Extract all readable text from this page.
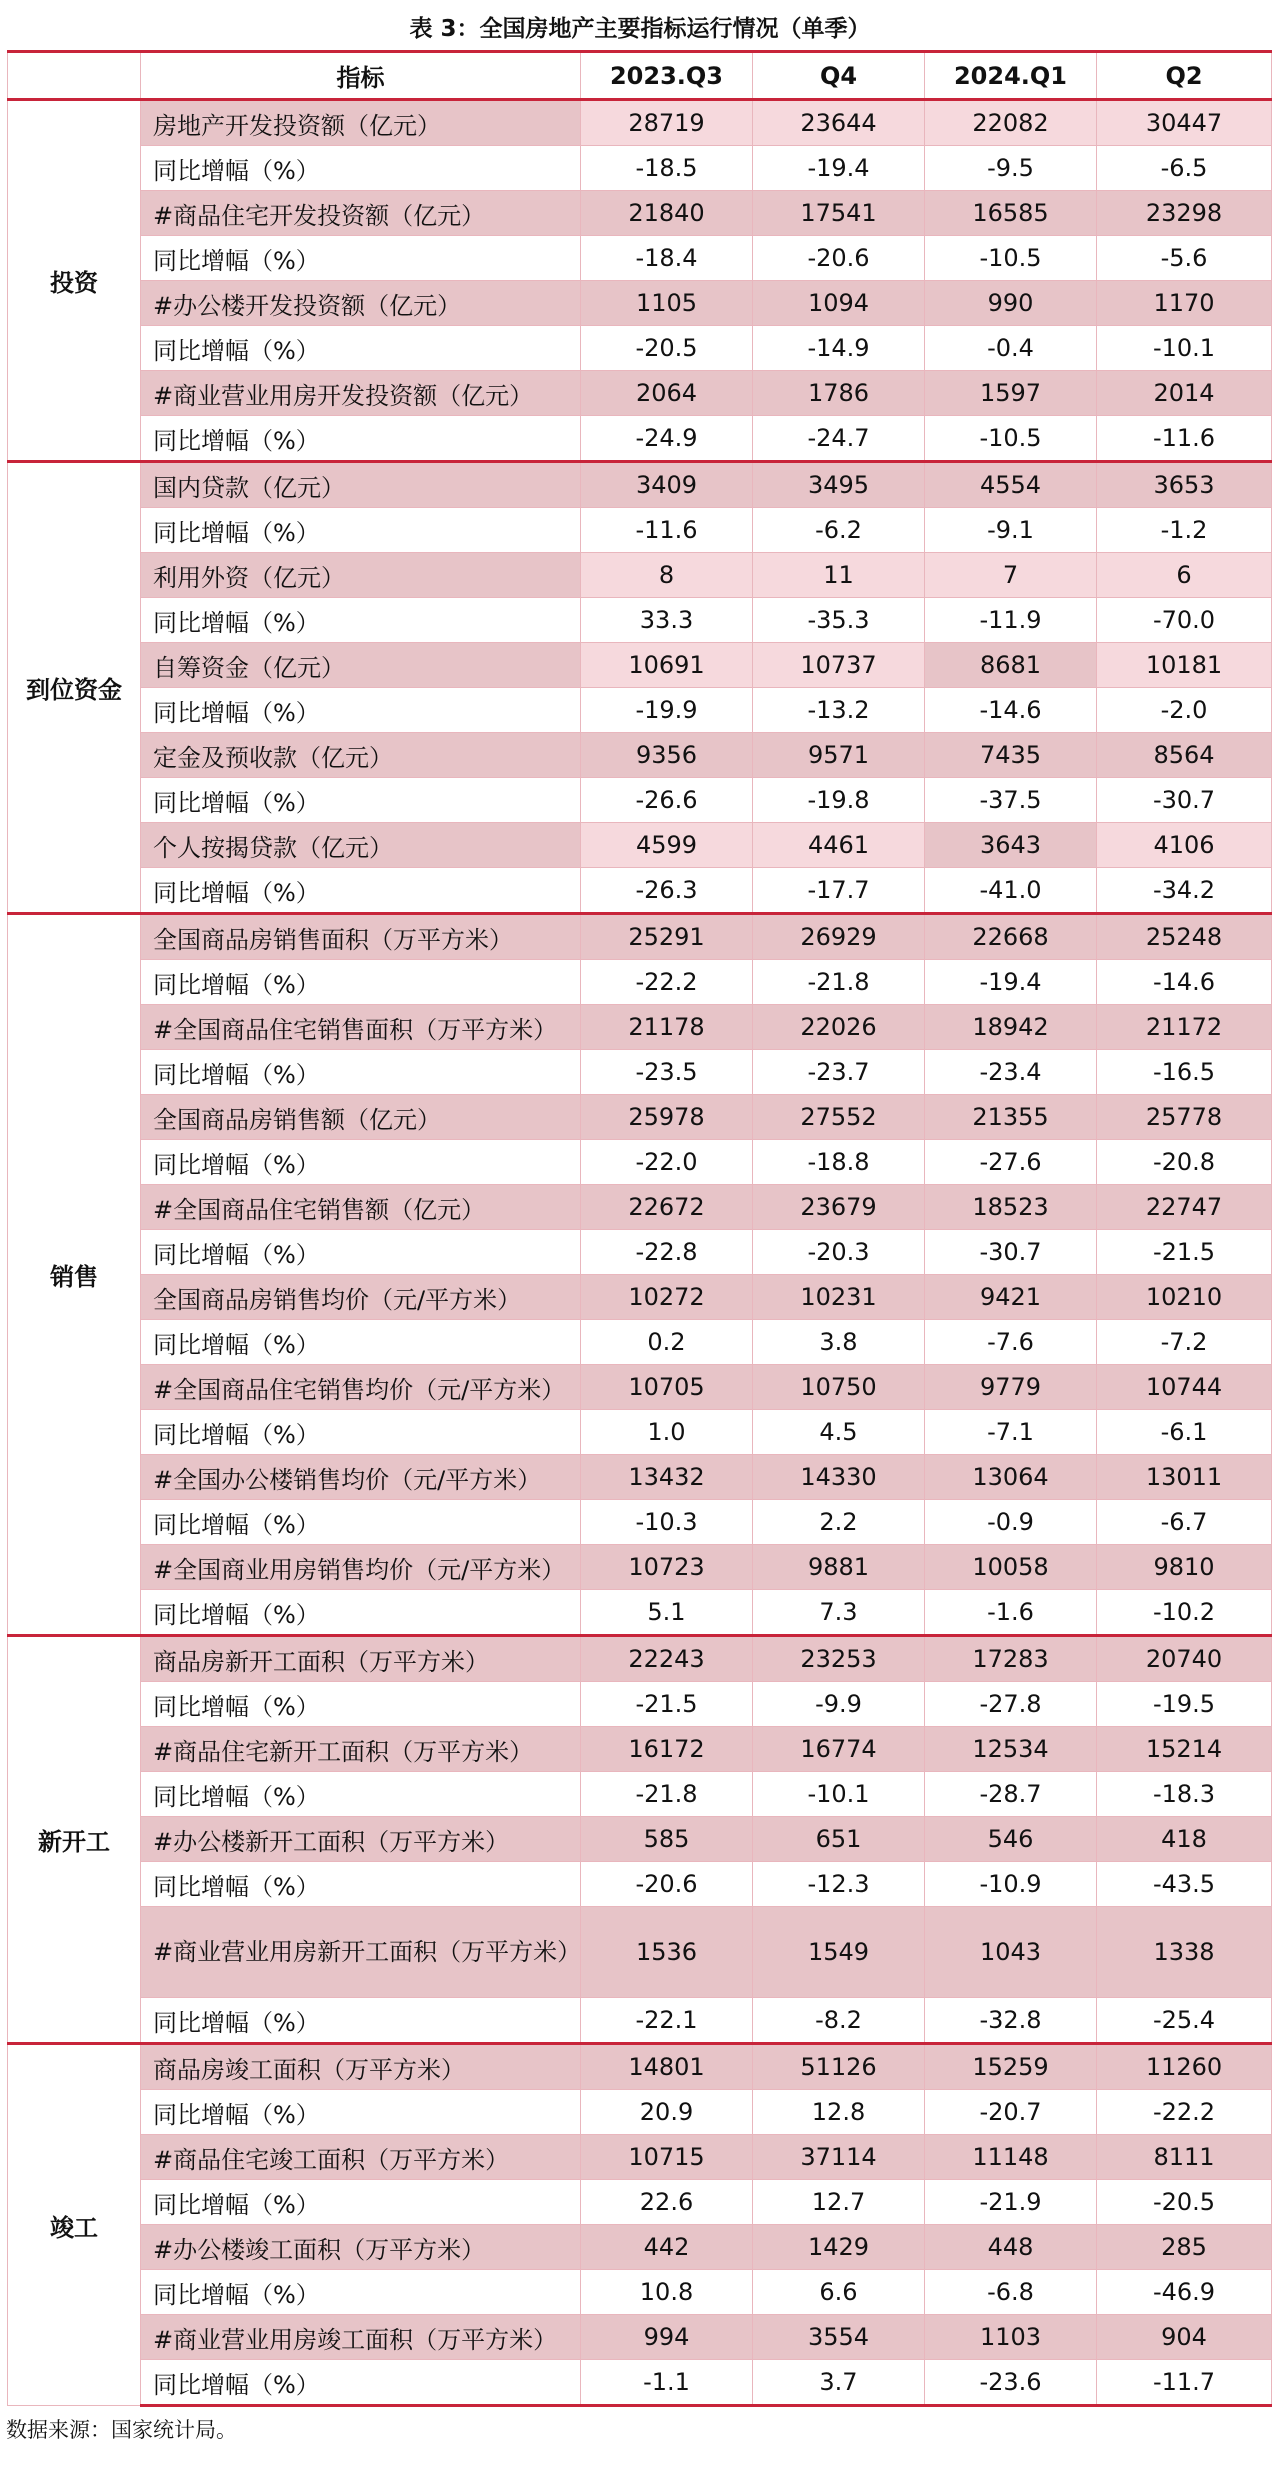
表 3：全国房地产主要指标运行情况（单季）
	指标	2023.Q3	Q4	2024.Q1	Q2
投资	房地产开发投资额（亿元）	28719	23644	22082	30447
	同比增幅（%）	-18.5	-19.4	-9.5	-6.5
	#商品住宅开发投资额（亿元）	21840	17541	16585	23298
	同比增幅（%）	-18.4	-20.6	-10.5	-5.6
	#办公楼开发投资额（亿元）	1105	1094	990	1170
	同比增幅（%）	-20.5	-14.9	-0.4	-10.1
	#商业营业用房开发投资额（亿元）	2064	1786	1597	2014
	同比增幅（%）	-24.9	-24.7	-10.5	-11.6
到位资金	国内贷款（亿元）	3409	3495	4554	3653
	同比增幅（%）	-11.6	-6.2	-9.1	-1.2
	利用外资（亿元）	8	11	7	6
	同比增幅（%）	33.3	-35.3	-11.9	-70.0
	自筹资金（亿元）	10691	10737	8681	10181
	同比增幅（%）	-19.9	-13.2	-14.6	-2.0
	定金及预收款（亿元）	9356	9571	7435	8564
	同比增幅（%）	-26.6	-19.8	-37.5	-30.7
	个人按揭贷款（亿元）	4599	4461	3643	4106
	同比增幅（%）	-26.3	-17.7	-41.0	-34.2
销售	全国商品房销售面积（万平方米）	25291	26929	22668	25248
	同比增幅（%）	-22.2	-21.8	-19.4	-14.6
	#全国商品住宅销售面积（万平方米）	21178	22026	18942	21172
	同比增幅（%）	-23.5	-23.7	-23.4	-16.5
	全国商品房销售额（亿元）	25978	27552	21355	25778
	同比增幅（%）	-22.0	-18.8	-27.6	-20.8
	#全国商品住宅销售额（亿元）	22672	23679	18523	22747
	同比增幅（%）	-22.8	-20.3	-30.7	-21.5
	全国商品房销售均价（元/平方米）	10272	10231	9421	10210
	同比增幅（%）	0.2	3.8	-7.6	-7.2
	#全国商品住宅销售均价（元/平方米）	10705	10750	9779	10744
	同比增幅（%）	1.0	4.5	-7.1	-6.1
	#全国办公楼销售均价（元/平方米）	13432	14330	13064	13011
	同比增幅（%）	-10.3	2.2	-0.9	-6.7
	#全国商业用房销售均价（元/平方米）	10723	9881	10058	9810
	同比增幅（%）	5.1	7.3	-1.6	-10.2
新开工	商品房新开工面积（万平方米）	22243	23253	17283	20740
	同比增幅（%）	-21.5	-9.9	-27.8	-19.5
	#商品住宅新开工面积（万平方米）	16172	16774	12534	15214
	同比增幅（%）	-21.8	-10.1	-28.7	-18.3
	#办公楼新开工面积（万平方米）	585	651	546	418
	同比增幅（%）	-20.6	-12.3	-10.9	-43.5
	#商业营业用房新开工面积（万平方米）	1536	1549	1043	1338
	同比增幅（%）	-22.1	-8.2	-32.8	-25.4
竣工	商品房竣工面积（万平方米）	14801	51126	15259	11260
	同比增幅（%）	20.9	12.8	-20.7	-22.2
	#商品住宅竣工面积（万平方米）	10715	37114	11148	8111
	同比增幅（%）	22.6	12.7	-21.9	-20.5
	#办公楼竣工面积（万平方米）	442	1429	448	285
	同比增幅（%）	10.8	6.6	-6.8	-46.9
	#商业营业用房竣工面积（万平方米）	994	3554	1103	904
	同比增幅（%）	-1.1	3.7	-23.6	-11.7
数据来源：国家统计局。
